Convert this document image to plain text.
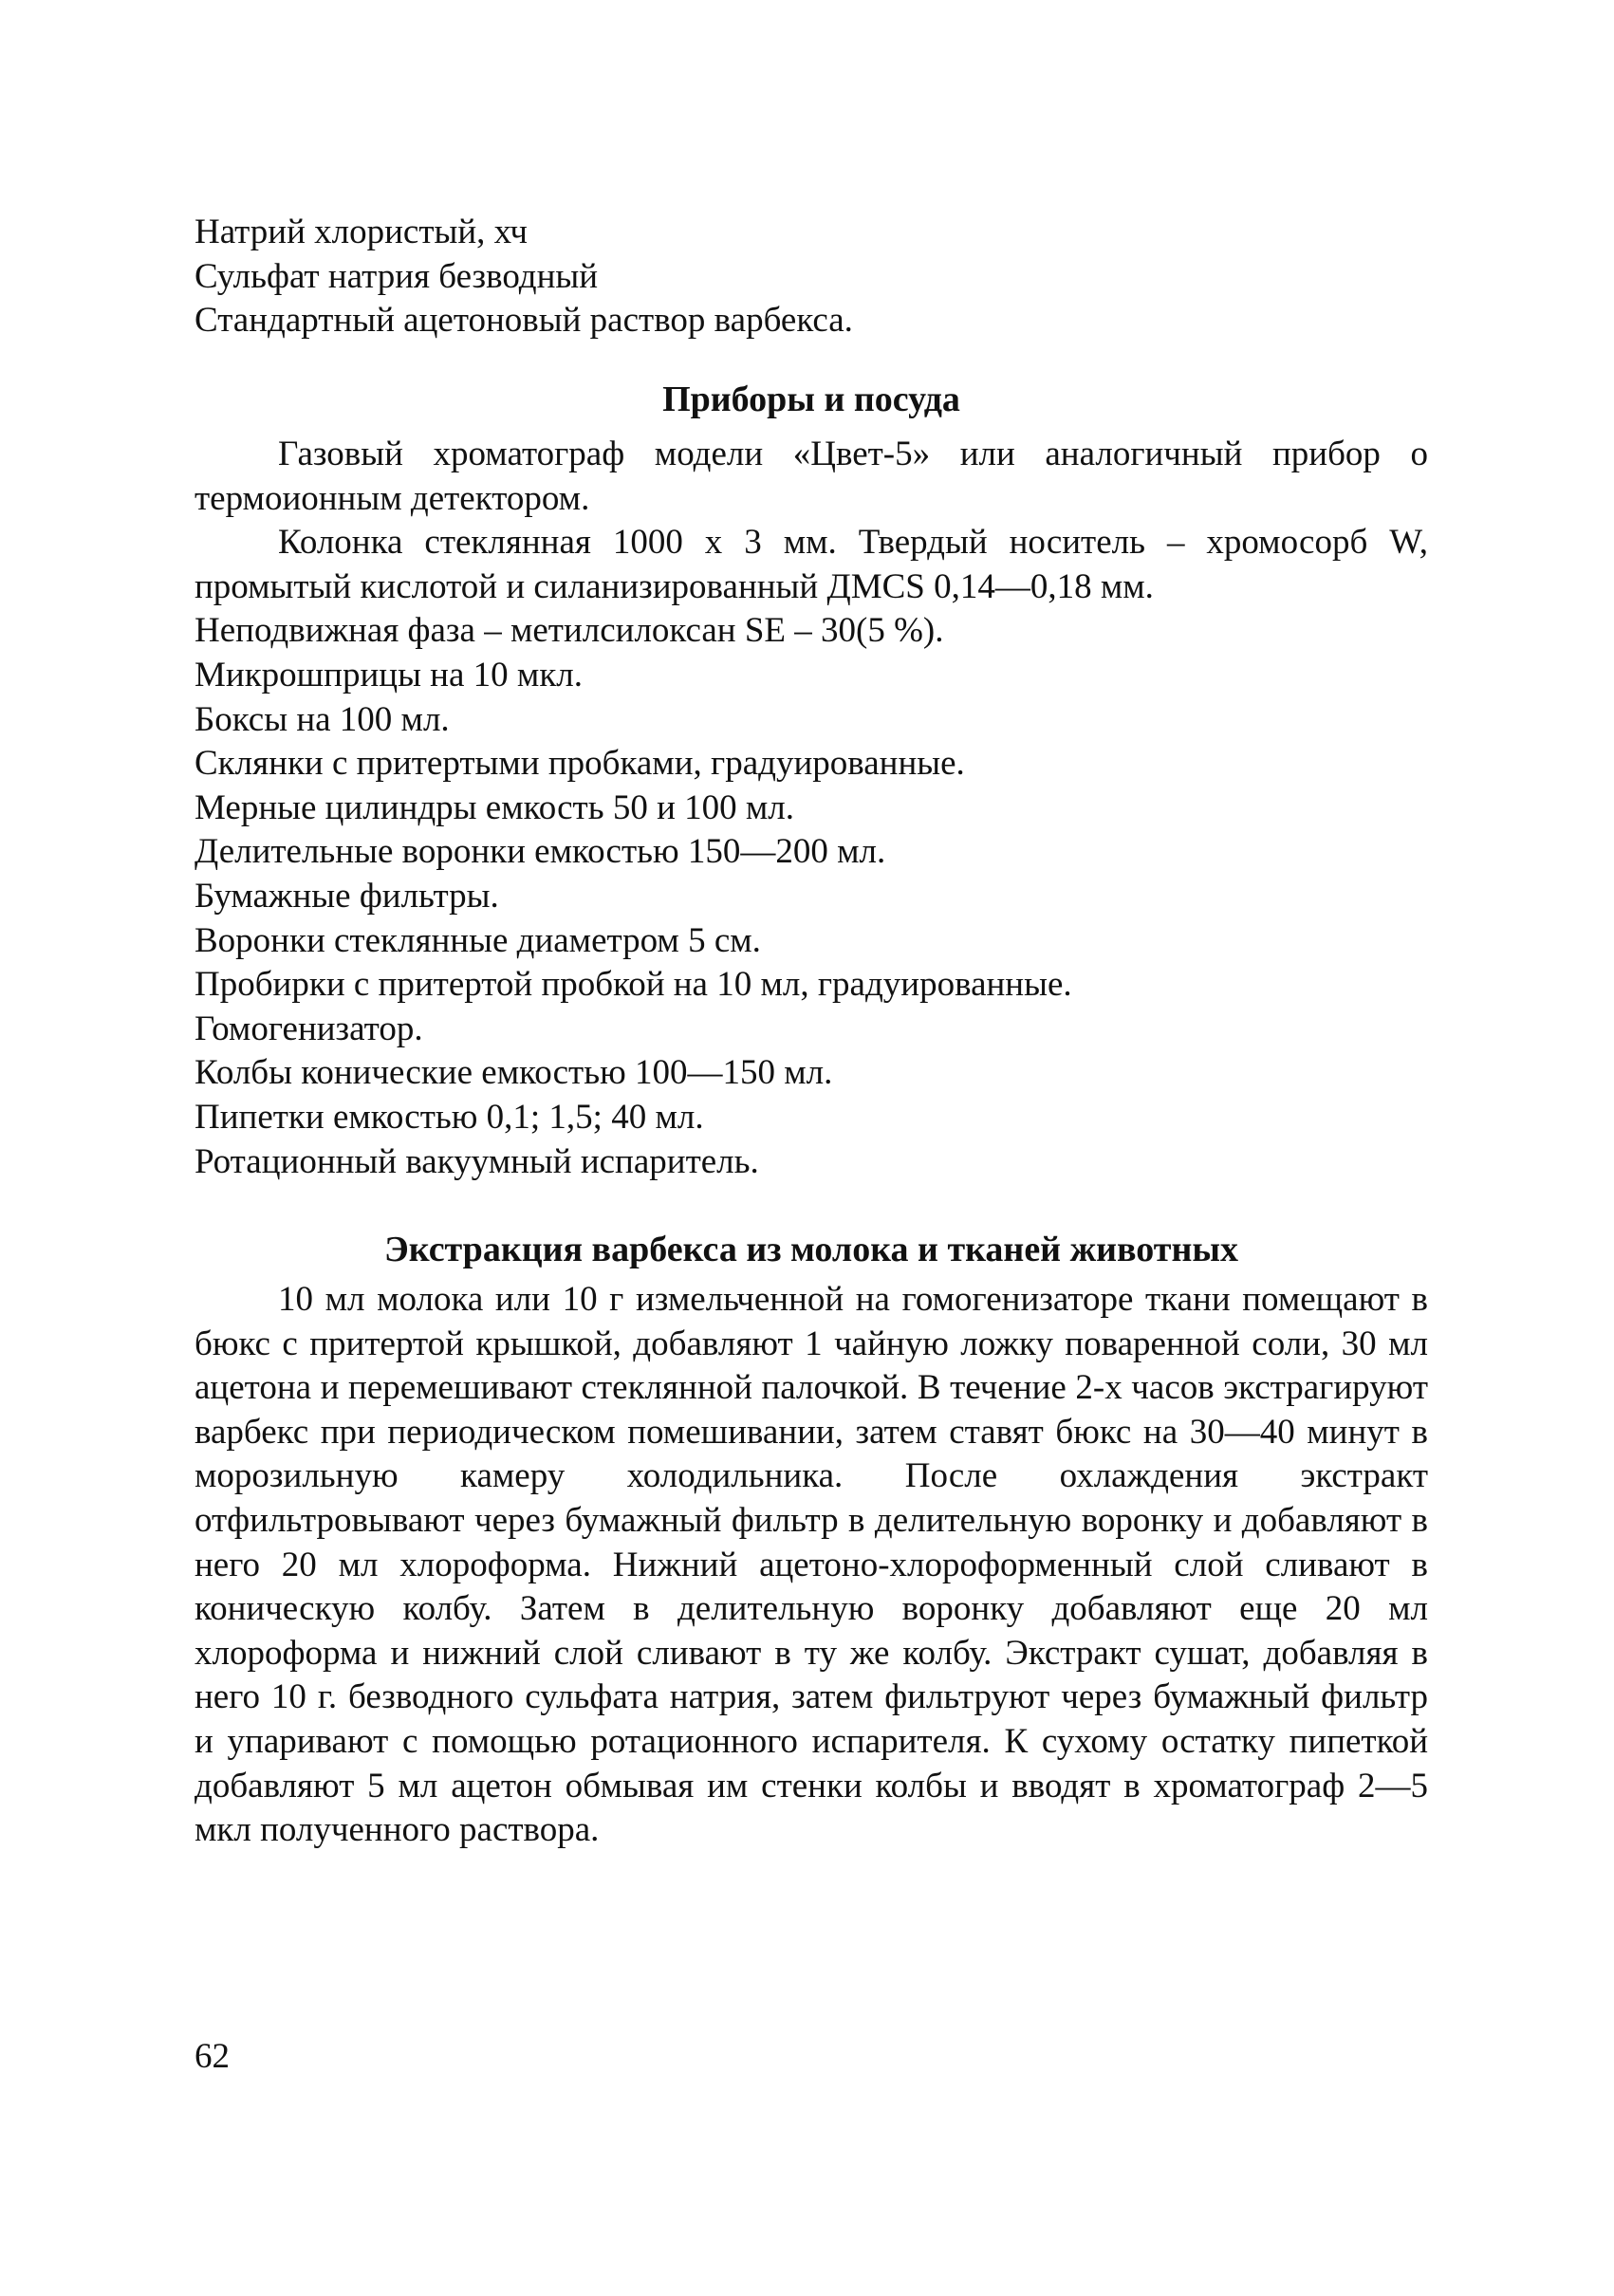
Натрий хлористый, хч

Сульфат натрия безводный

Стандартный ацетоновый раствор варбекса.

Приборы и посуда

Газовый хроматограф модели «Цвет-5» или аналогичный прибор о термоионным детектором.

Колонка стеклянная 1000 х 3 мм. Твердый носитель – хромосорб W, промытый кислотой и силанизированный ДМCS 0,14—0,18 мм.

Неподвижная фаза – метилсилоксан SE – 30(5 %).

Микрошприцы на 10 мкл.

Боксы на 100 мл.

Склянки с притертыми пробками, градуированные.

Мерные цилиндры емкость 50 и 100 мл.

Делительные воронки емкостью 150—200 мл.

Бумажные фильтры.

Воронки стеклянные диаметром 5 см.

Пробирки с притертой пробкой на 10 мл, градуированные.

Гомогенизатор.

Колбы конические емкостью 100—150 мл.

Пипетки емкостью 0,1; 1,5; 40 мл.

Ротационный вакуумный испаритель.

Экстракция варбекса из молока и тканей животных

10 мл молока или 10 г измельченной на гомогенизаторе ткани помещают в бюкс с притертой крышкой, добавляют 1 чайную ложку поваренной соли, 30 мл ацетона и перемешивают стеклянной палочкой. В течение 2-х часов экстрагируют варбекс при периодическом помешивании, затем ставят бюкс на 30—40 минут в морозильную камеру холодильника. После охлаждения экстракт отфильтровывают через бумажный фильтр в делительную воронку и добавляют в него 20 мл хлороформа. Нижний ацетоно-хлороформенный слой сливают в коническую колбу. Затем в делительную воронку добавляют еще 20 мл хлороформа и нижний слой сливают в ту же колбу. Экстракт сушат, добавляя в него 10 г. безводного сульфата натрия, затем фильтруют через бумажный фильтр и упаривают с помощью ротационного испарителя. К сухому остатку пипеткой добавляют 5 мл ацетон обмывая им стенки колбы и вводят в хроматограф 2—5 мкл полученного раствора.

62
